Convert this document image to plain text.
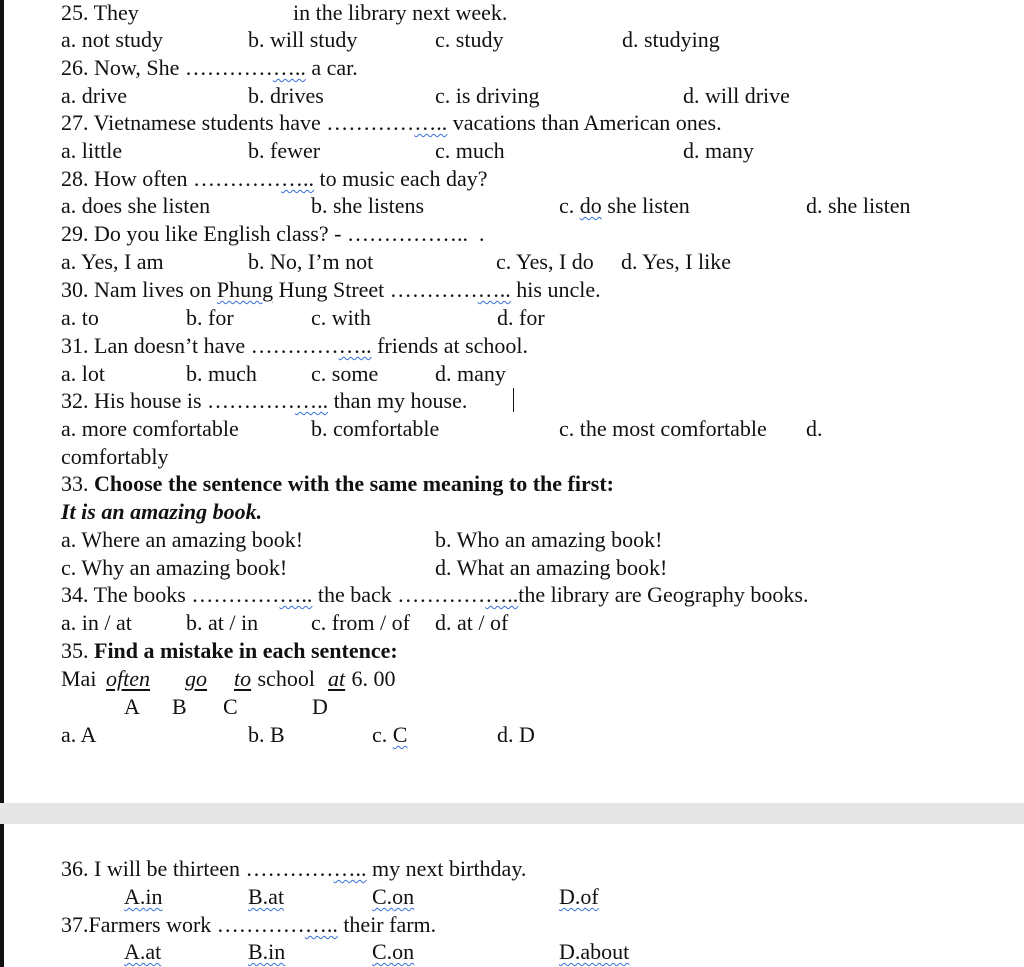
25. They	in the library next week.
a. not study	b. will study	c. study	d. studying
26. Now, She …………….. a car.
a. drive	b. drives	c. is driving	d. will drive
27. Vietnamese students have …………….. vacations than American ones.
a. little	b. fewer	c. much	d. many
28. How often …………….. to music each day?
a. does she listen	b. she listens	c. do she listen	d. she listen
29. Do you like English class? - ……………..  .
a. Yes, I am	b. No, I’m not	c. Yes, I do d. Yes, I like
30. Nam lives on Phung Hung Street …………….. his uncle.
a. to	b. for	c. with	d. for
31. Lan doesn’t have …………….. friends at school.
a. lot	b. much c. some	d. many
32. His house is …………….. than my house.
a. more comfortable	b. comfortable	c. the most comfortable d.
comfortably
33. Choose the sentence with the same meaning to the first:
It is an amazing book.
a. Where an amazing book!	b. Who an amazing book!
c. Why an amazing book!	d. What an amazing book!
34. The books …………….. the back ……………..the library are Geography books.
a. in / at b. at / in c. from / of d. at / of
35. Find a mistake in each sentence:
Mai often go to school at 6. 00
A B C	D
a. A	b. B	c. C	d. D
36. I will be thirteen …………….. my next birthday.
A.in	B.at	C.on	D.of
37.Farmers work …………….. their farm.
A.at	B.in	C.on	D.about
